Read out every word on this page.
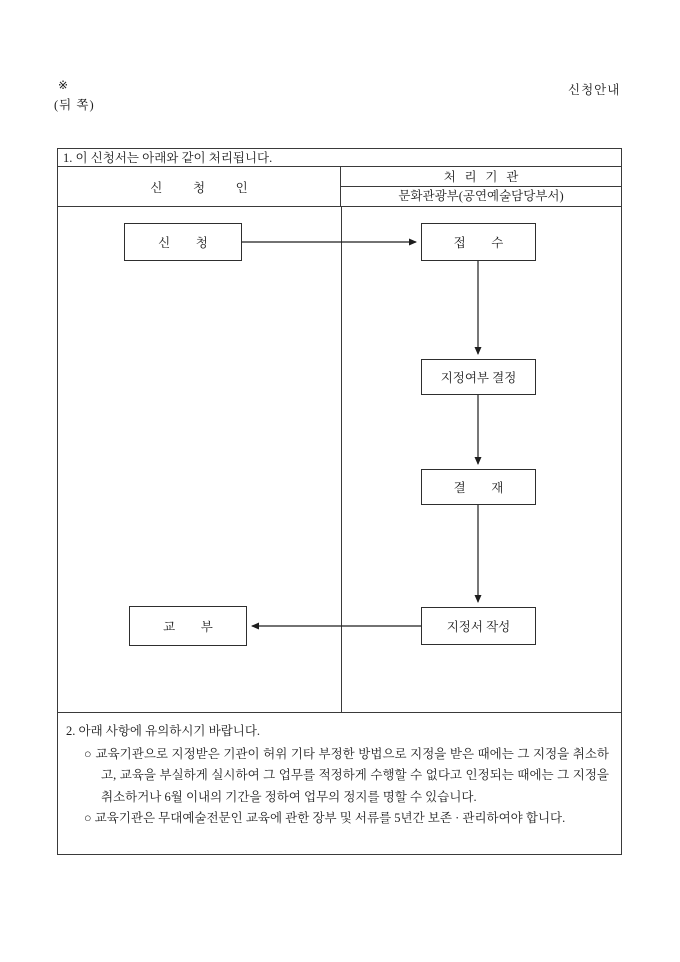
※
(뒤 쪽)
신청안내
1. 이 신청서는 아래와 같이 처리됩니다.
신 청 인
처 리 기 관
문화관광부(공연예술담당부서)
신 청	접 수
지정여부 결정
결 재
지정서 작성
교 부

2. 아래 사항에 유의하시기 바랍니다.

○ 교육기관으로 지정받은 기관이 허위 기타 부정한 방법으로 지정을 받은 때에는 그 지정을 취소하고, 교육을 부실하게 실시하여 그 업무를 적정하게 수행할 수 없다고 인정되는 때에는 그 지정을 취소하거나 6월 이내의 기간을 정하여 업무의 정지를 명할 수 있습니다.

○ 교육기관은 무대예술전문인 교육에 관한 장부 및 서류를 5년간 보존 · 관리하여야 합니다.
